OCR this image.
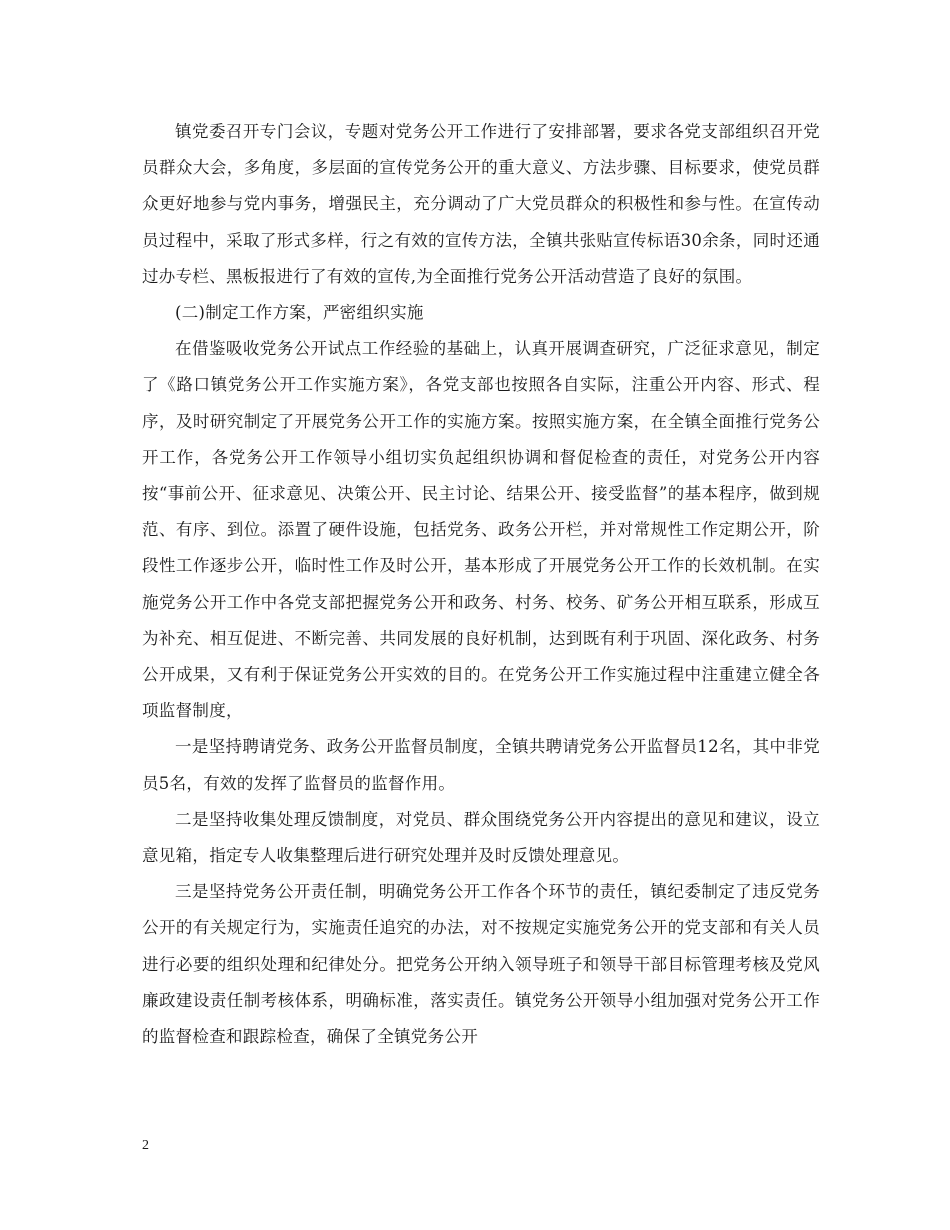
镇党委召开专门会议，专题对党务公开工作进行了安排部署，要求各党支部组织召开党员群众大会，多角度，多层面的宣传党务公开的重大意义、方法步骤、目标要求，使党员群众更好地参与党内事务，增强民主，充分调动了广大党员群众的积极性和参与性。在宣传动员过程中，采取了形式多样，行之有效的宣传方法，全镇共张贴宣传标语30余条，同时还通过办专栏、黑板报进行了有效的宣传,为全面推行党务公开活动营造了良好的氛围。

(二)制定工作方案，严密组织实施

在借鉴吸收党务公开试点工作经验的基础上，认真开展调查研究，广泛征求意见，制定了《路口镇党务公开工作实施方案》，各党支部也按照各自实际，注重公开内容、形式、程序，及时研究制定了开展党务公开工作的实施方案。按照实施方案，在全镇全面推行党务公开工作，各党务公开工作领导小组切实负起组织协调和督促检查的责任，对党务公开内容按“事前公开、征求意见、决策公开、民主讨论、结果公开、接受监督”的基本程序，做到规范、有序、到位。添置了硬件设施，包括党务、政务公开栏，并对常规性工作定期公开，阶段性工作逐步公开，临时性工作及时公开，基本形成了开展党务公开工作的长效机制。在实施党务公开工作中各党支部把握党务公开和政务、村务、校务、矿务公开相互联系，形成互为补充、相互促进、不断完善、共同发展的良好机制，达到既有利于巩固、深化政务、村务公开成果，又有利于保证党务公开实效的目的。在党务公开工作实施过程中注重建立健全各项监督制度，

一是坚持聘请党务、政务公开监督员制度，全镇共聘请党务公开监督员12名，其中非党员5名，有效的发挥了监督员的监督作用。

二是坚持收集处理反馈制度，对党员、群众围绕党务公开内容提出的意见和建议，设立意见箱，指定专人收集整理后进行研究处理并及时反馈处理意见。

三是坚持党务公开责任制，明确党务公开工作各个环节的责任，镇纪委制定了违反党务公开的有关规定行为，实施责任追究的办法，对不按规定实施党务公开的党支部和有关人员进行必要的组织处理和纪律处分。把党务公开纳入领导班子和领导干部目标管理考核及党风廉政建设责任制考核体系，明确标准，落实责任。镇党务公开领导小组加强对党务公开工作的监督检查和跟踪检查，确保了全镇党务公开

2
